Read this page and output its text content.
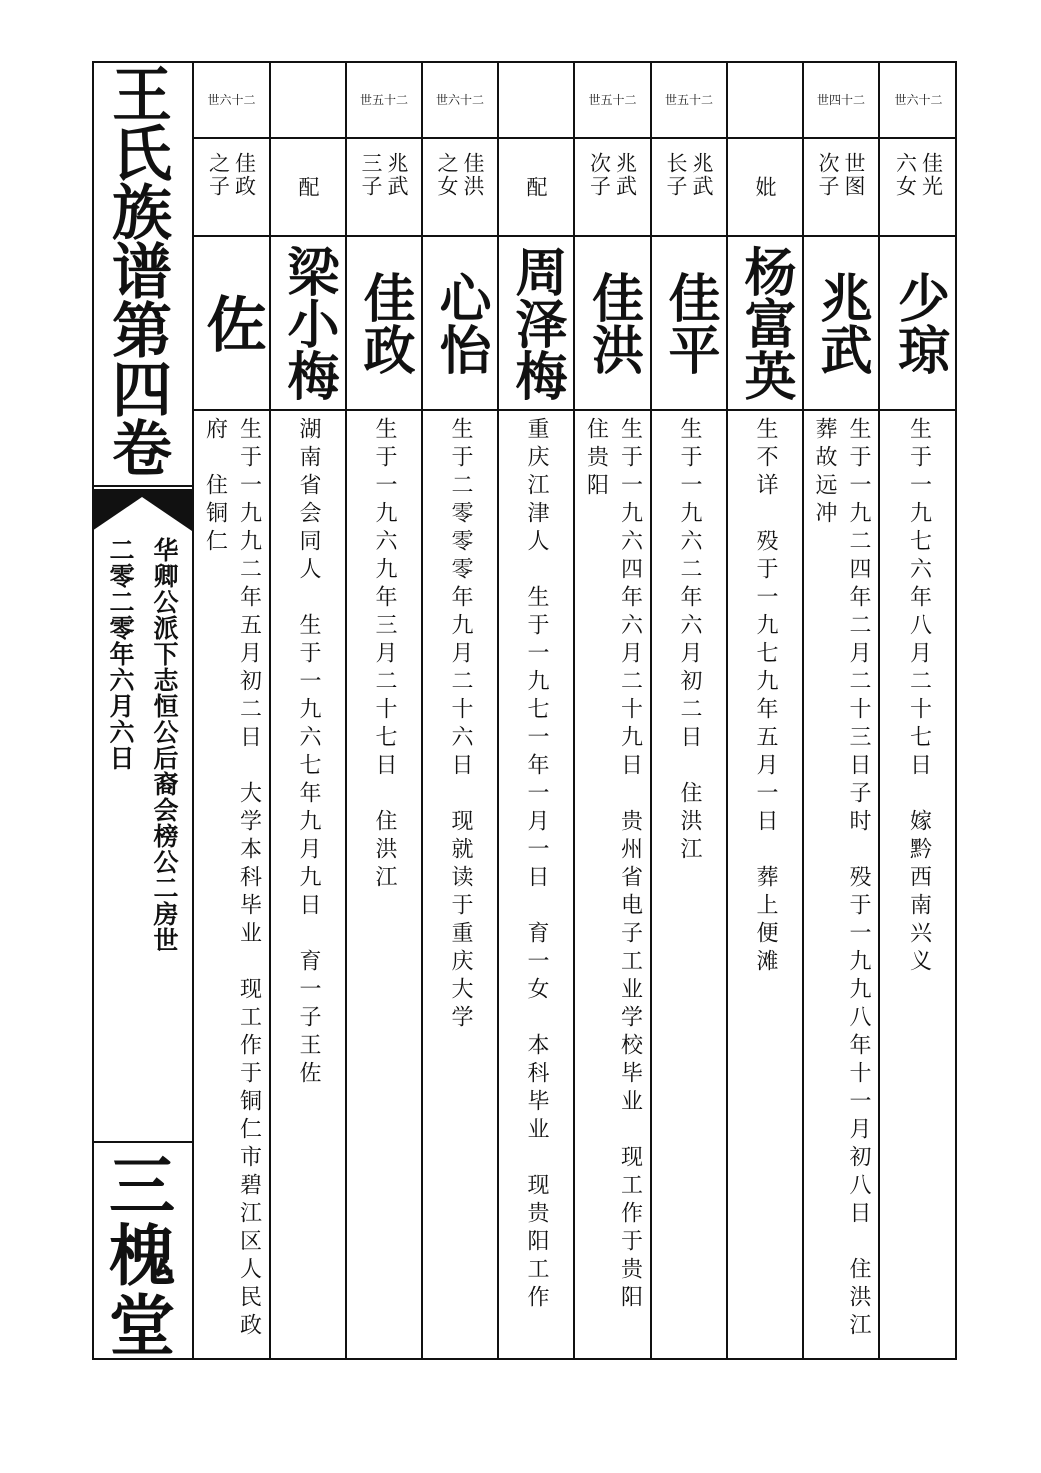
王
氏
族
谱
第
四
卷
华卿公派下志恒公后裔会榜公二房世
二零二零年六月六日
三
槐
堂
世六十二
佳政 之子
佐
生于一九九二年五月初二日　大学本科毕业　现工作于铜仁市碧江区人民政
府　住铜仁
配
梁小梅
湖南省会同人　生于一九六七年九月九日　育一子王佐
世五十二
兆武 三子
佳政
生于一九六九年三月二十七日　住洪江
世六十二
佳洪 之女
心怡
生于二零零零年九月二十六日　现就读于重庆大学
配
周泽梅
重庆江津人　生于一九七一年一月一日　育一女　本科毕业　现贵阳工作
世五十二
兆武 次子
佳洪
生于一九六四年六月二十九日　贵州省电子工业学校毕业　现工作于贵阳
住贵阳
世五十二
兆武 长子
佳平
生于一九六二年六月初二日　住洪江
妣
杨富英
生不详　殁于一九七九年五月一日　葬上便滩
世四十二
世图 次子
兆武
生于一九二四年二月二十三日子时　殁于一九九八年十一月初八日　住洪江
葬故远冲
世六十二
佳光 六女
少琼
生于一九七六年八月二十七日　嫁黔西南兴义
